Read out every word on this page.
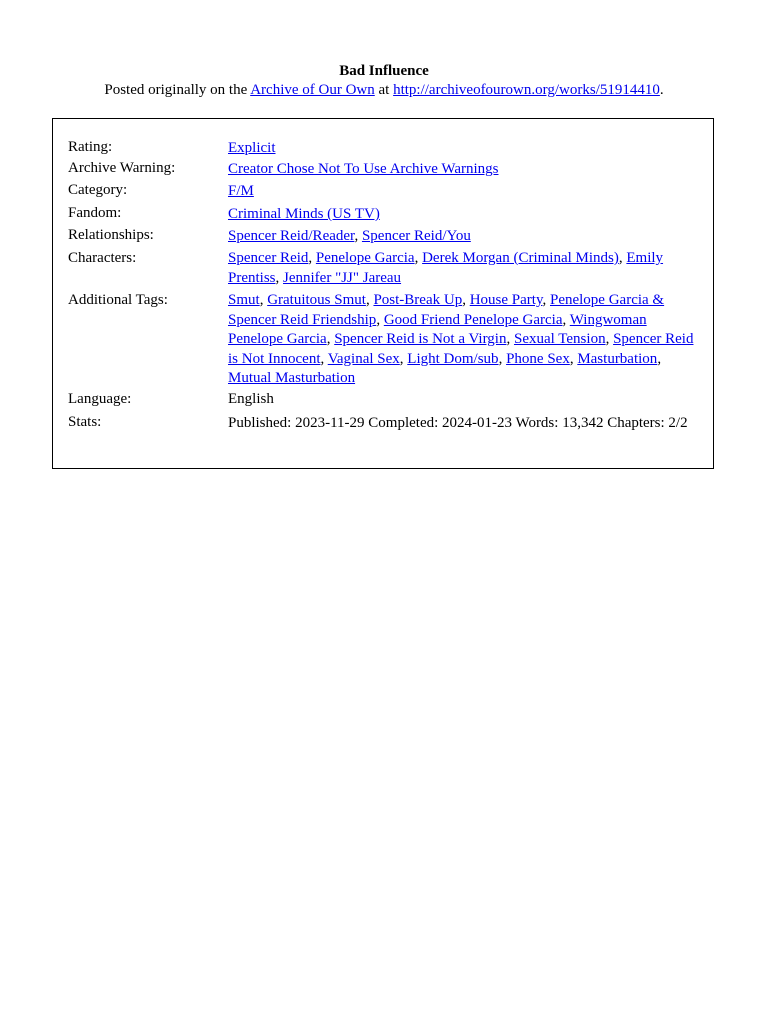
Bad Influence
Posted originally on the Archive of Our Own at http://archiveofourown.org/works/51914410.
Rating:	Explicit
Archive Warning:	Creator Chose Not To Use Archive Warnings
Category:	F/M
Fandom:	Criminal Minds (US TV)
Relationships:	Spencer Reid/Reader, Spencer Reid/You
Characters:	Spencer Reid, Penelope Garcia, Derek Morgan (Criminal Minds), Emily Prentiss, Jennifer "JJ" Jareau
Additional Tags:	Smut, Gratuitous Smut, Post-Break Up, House Party, Penelope Garcia & Spencer Reid Friendship, Good Friend Penelope Garcia, Wingwoman Penelope Garcia, Spencer Reid is Not a Virgin, Sexual Tension, Spencer Reid is Not Innocent, Vaginal Sex, Light Dom/sub, Phone Sex, Masturbation, Mutual Masturbation
Language:	English
Stats:	Published: 2023-11-29 Completed: 2024-01-23 Words: 13,342 Chapters: 2/2
